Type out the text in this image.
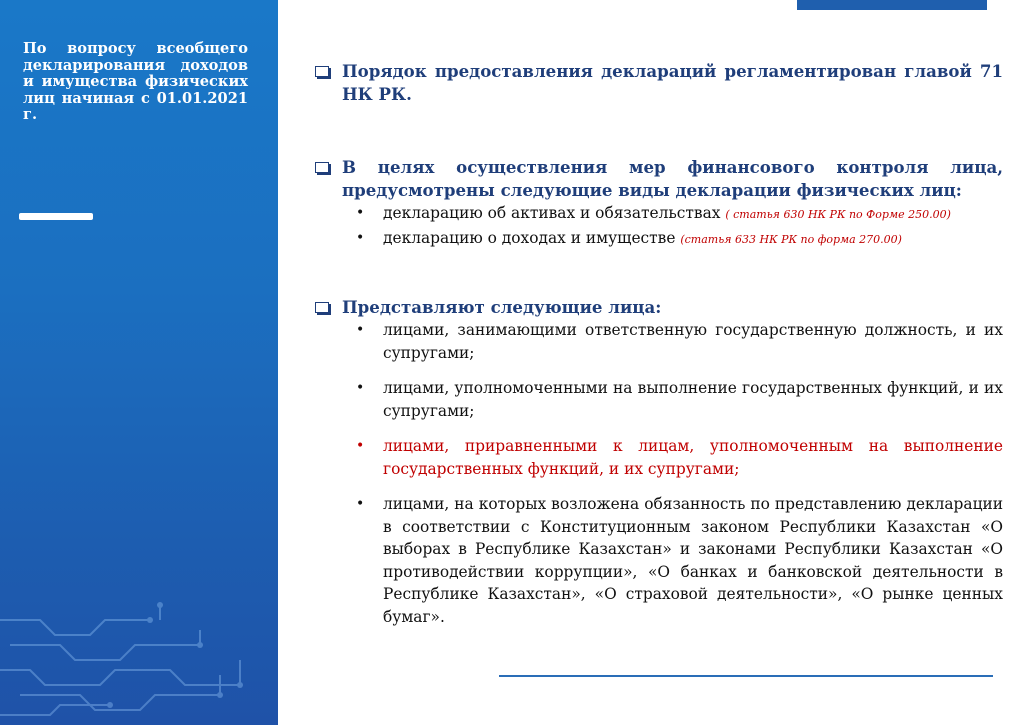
По вопросу всеобщего декларирования доходов и имущества физических лиц начиная с 01.01.2021 г.
Порядок предоставления деклараций регламентирован главой 71 НК РК.
В целях осуществления мер финансового контроля лица, предусмотрены следующие виды декларации физических лиц:
• декларацию об активах и обязательствах ( статья 630 НК РК по Форме 250.00)
• декларацию о доходах и имуществе (статья 633 НК РК по форма 270.00)
Представляют следующие лица:
• лицами, занимающими ответственную государственную должность, и их супругами;
• лицами, уполномоченными на выполнение государственных функций, и их супругами;
• лицами, приравненными к лицам, уполномоченным на выполнение государственных функций, и их супругами;
• лицами, на которых возложена обязанность по представлению декларации в соответствии с Конституционным законом Республики Казахстан «О выборах в Республике Казахстан» и законами Республики Казахстан «О противодействии коррупции», «О банках и банковской деятельности в Республике Казахстан», «О страховой деятельности», «О рынке ценных бумаг».
